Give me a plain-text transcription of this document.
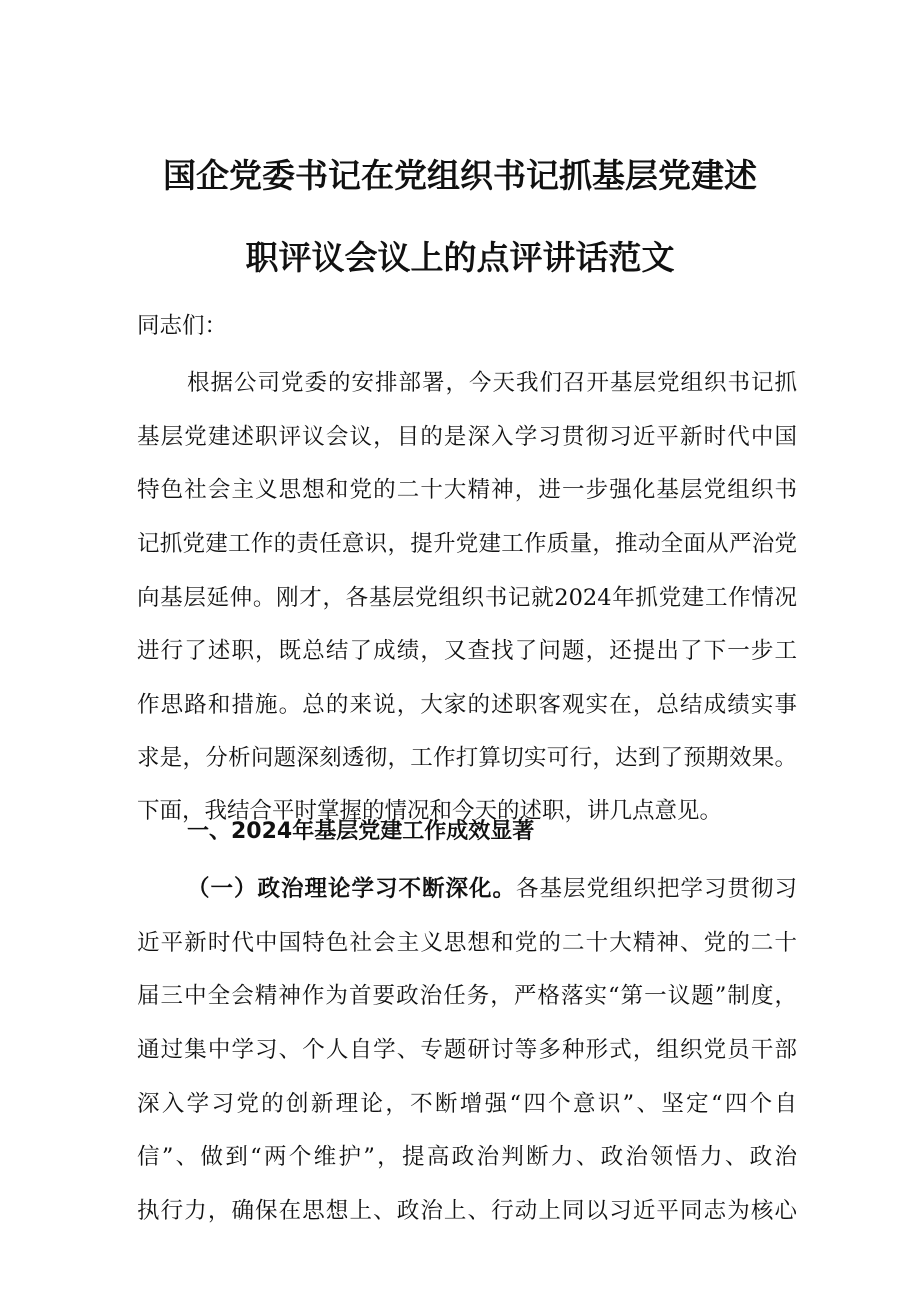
国企党委书记在党组织书记抓基层党建述
职评议会议上的点评讲话范文
同志们：
根据公司党委的安排部署，今天我们召开基层党组织书记抓
基层党建述职评议会议，目的是深入学习贯彻习近平新时代中国
特色社会主义思想和党的二十大精神，进一步强化基层党组织书
记抓党建工作的责任意识，提升党建工作质量，推动全面从严治党
向基层延伸。刚才，各基层党组织书记就2024年抓党建工作情况
进行了述职，既总结了成绩，又查找了问题，还提出了下一步工
作思路和措施。总的来说，大家的述职客观实在，总结成绩实事
求是，分析问题深刻透彻，工作打算切实可行，达到了预期效果。
下面，我结合平时掌握的情况和今天的述职，讲几点意见。
一、2024年基层党建工作成效显著
（一）政治理论学习不断深化。各基层党组织把学习贯彻习
近平新时代中国特色社会主义思想和党的二十大精神、党的二十
届三中全会精神作为首要政治任务，严格落实“第一议题”制度，
通过集中学习、个人自学、专题研讨等多种形式，组织党员干部
深入学习党的创新理论，不断增强“四个意识”、坚定“四个自
信”、做到“两个维护”，提高政治判断力、政治领悟力、政治
执行力，确保在思想上、政治上、行动上同以习近平同志为核心
